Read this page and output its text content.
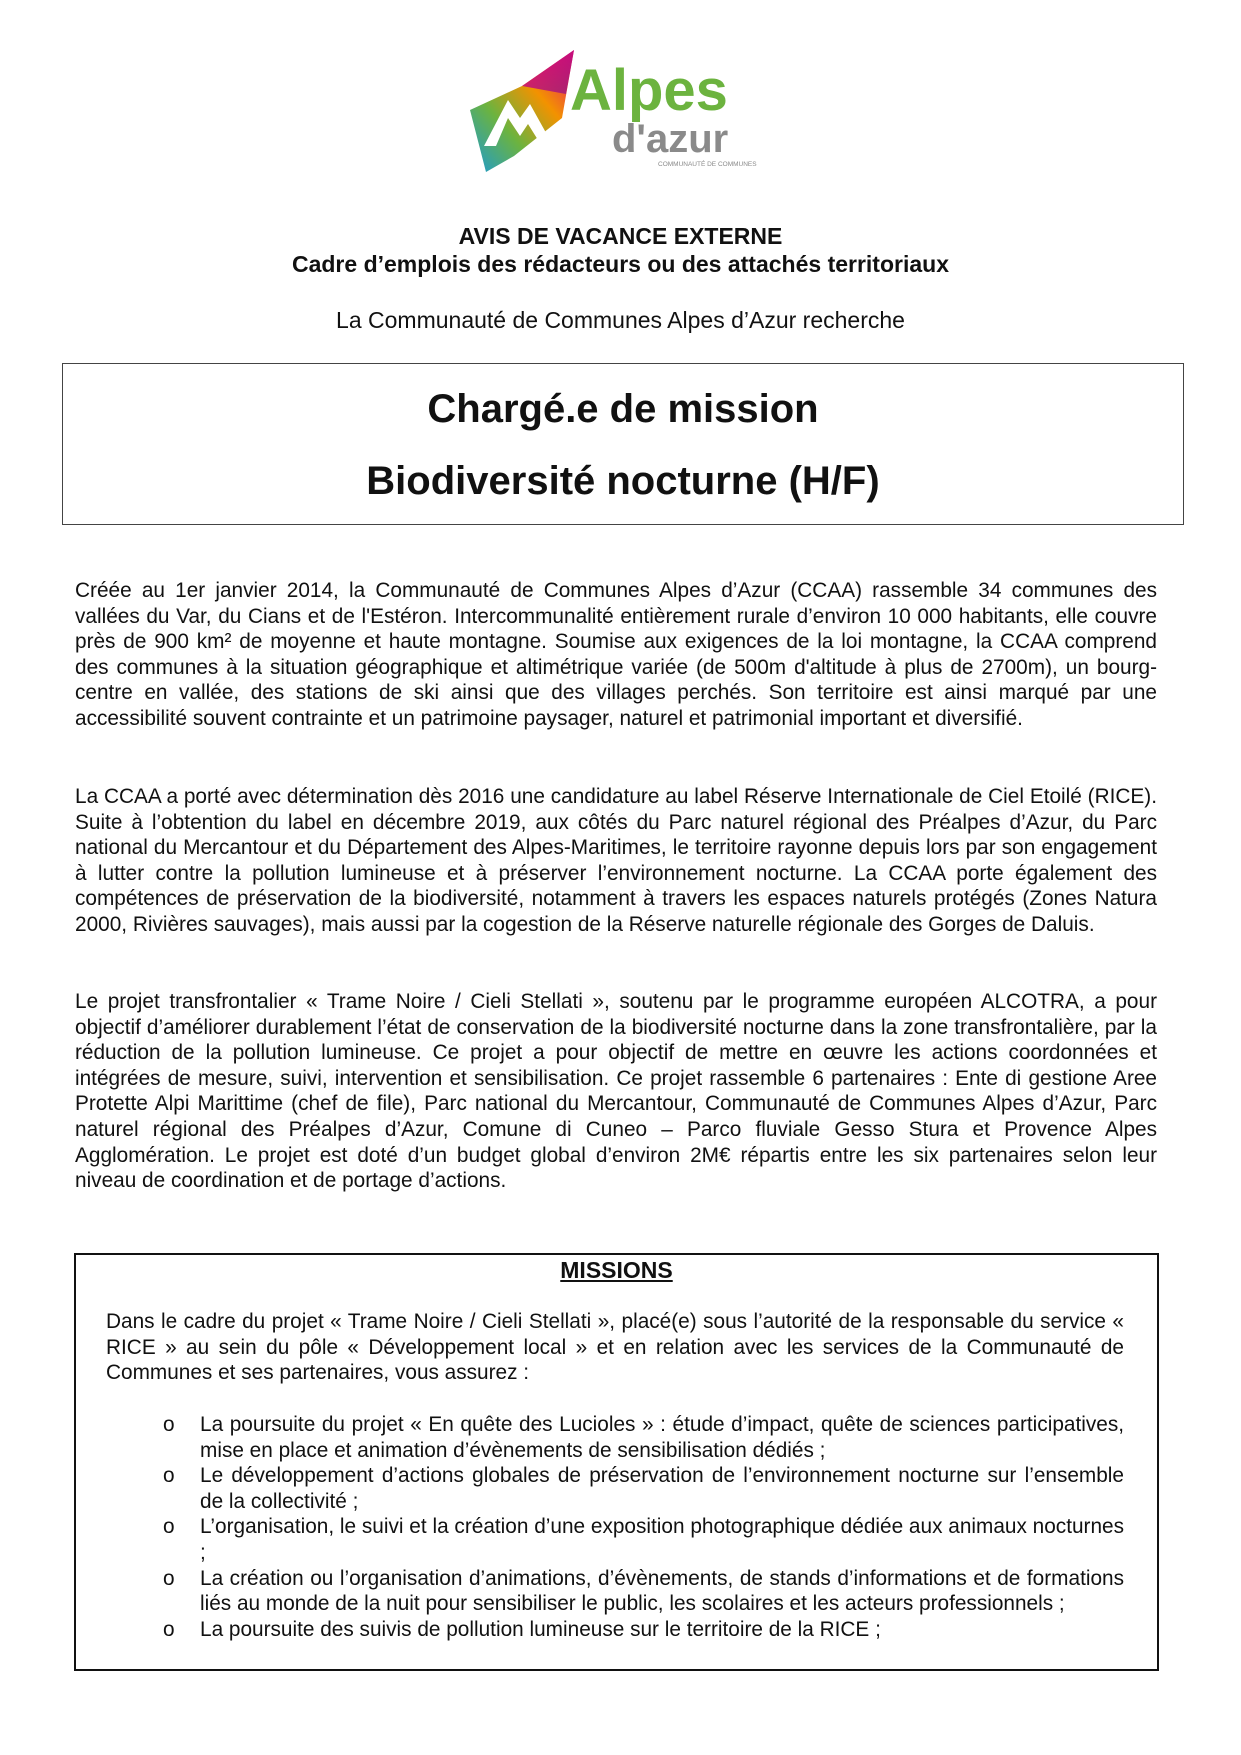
Alpes
d'azur
COMMUNAUTÉ DE COMMUNES
AVIS DE VACANCE EXTERNE
Cadre d’emplois des rédacteurs ou des attachés territoriaux
La Communauté de Communes Alpes d’Azur recherche
Chargé.e de mission
Biodiversité nocturne (H/F)

Créée au 1er janvier 2014, la Communauté de Communes Alpes d’Azur (CCAA) rassemble 34 communes des vallées du Var, du Cians et de l'Estéron. Intercommunalité entièrement rurale d’environ 10 000 habitants, elle couvre près de 900 km² de moyenne et haute montagne. Soumise aux exigences de la loi montagne, la CCAA comprend des communes à la situation géographique et altimétrique variée (de 500m d'altitude à plus de 2700m), un bourg-centre en vallée, des stations de ski ainsi que des villages perchés. Son territoire est ainsi marqué par une accessibilité souvent contrainte et un patrimoine paysager, naturel et patrimonial important et diversifié.

La CCAA a porté avec détermination dès 2016 une candidature au label Réserve Internationale de Ciel Etoilé (RICE). Suite à l’obtention du label en décembre 2019, aux côtés du Parc naturel régional des Préalpes d’Azur, du Parc national du Mercantour et du Département des Alpes-Maritimes, le territoire rayonne depuis lors par son engagement à lutter contre la pollution lumineuse et à préserver l’environnement nocturne. La CCAA porte également des compétences de préservation de la biodiversité, notamment à travers les espaces naturels protégés (Zones Natura 2000, Rivières sauvages), mais aussi par la cogestion de la Réserve naturelle régionale des Gorges de Daluis.

Le projet transfrontalier « Trame Noire / Cieli Stellati », soutenu par le programme européen ALCOTRA, a pour objectif d’améliorer durablement l’état de conservation de la biodiversité nocturne dans la zone transfrontalière, par la réduction de la pollution lumineuse. Ce projet a pour objectif de mettre en œuvre les actions coordonnées et intégrées de mesure, suivi, intervention et sensibilisation. Ce projet rassemble 6 partenaires : Ente di gestione Aree Protette Alpi Marittime (chef de file), Parc national du Mercantour, Communauté de Communes Alpes d’Azur, Parc naturel régional des Préalpes d’Azur, Comune di Cuneo – Parco fluviale Gesso Stura et Provence Alpes Agglomération. Le projet est doté d’un budget global d’environ 2M€ répartis entre les six partenaires selon leur niveau de coordination et de portage d’actions.

MISSIONS

Dans le cadre du projet « Trame Noire / Cieli Stellati », placé(e) sous l’autorité de la responsable du service « RICE » au sein du pôle « Développement local » et en relation avec les services de la Communauté de Communes et ses partenaires, vous assurez :

o La poursuite du projet « En quête des Lucioles » : étude d’impact, quête de sciences participatives, mise en place et animation d’évènements de sensibilisation dédiés ;
o Le développement d’actions globales de préservation de l’environnement nocturne sur l’ensemble de la collectivité ;
o L’organisation, le suivi et la création d’une exposition photographique dédiée aux animaux nocturnes ;
o La création ou l’organisation d’animations, d’évènements, de stands d’informations et de formations liés au monde de la nuit pour sensibiliser le public, les scolaires et les acteurs professionnels ;
o La poursuite des suivis de pollution lumineuse sur le territoire de la RICE ;
